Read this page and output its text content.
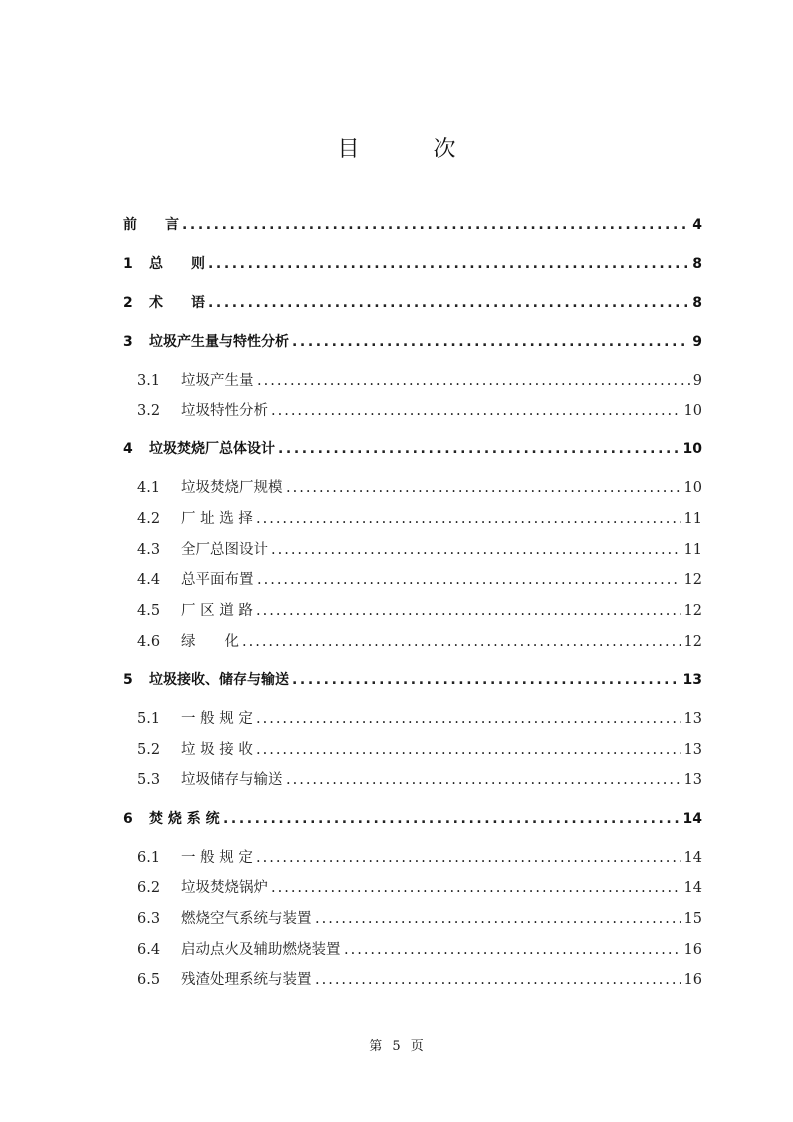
目　次
.....
前　　言	4
.....
1 总　　则	8
.....
2 术　　语	8
.....
3 垃圾产生量与特性分析	9
.....
3.1 垃圾产生量	9
.....
3.2 垃圾特性分析	10
.....
4 垃圾焚烧厂总体设计	10
.....
4.1 垃圾焚烧厂规模	10
.....
4.2 厂 址 选 择	11
.....
4.3 全厂总图设计	11
.....
4.4 总平面布置	12
.....
4.5 厂 区 道 路	12
.....
4.6 绿　　化	12
.....
5 垃圾接收、储存与输送	13
.....
5.1 一 般 规 定	13
.....
5.2 垃 圾 接 收	13
.....
5.3 垃圾储存与输送	13
.....
6 焚 烧 系 统	14
.....
6.1 一 般 规 定	14
.....
6.2 垃圾焚烧锅炉	14
.....
6.3 燃烧空气系统与装置	15
.....
6.4 启动点火及辅助燃烧装置	16
.....
6.5 残渣处理系统与装置	16
第 5 页
